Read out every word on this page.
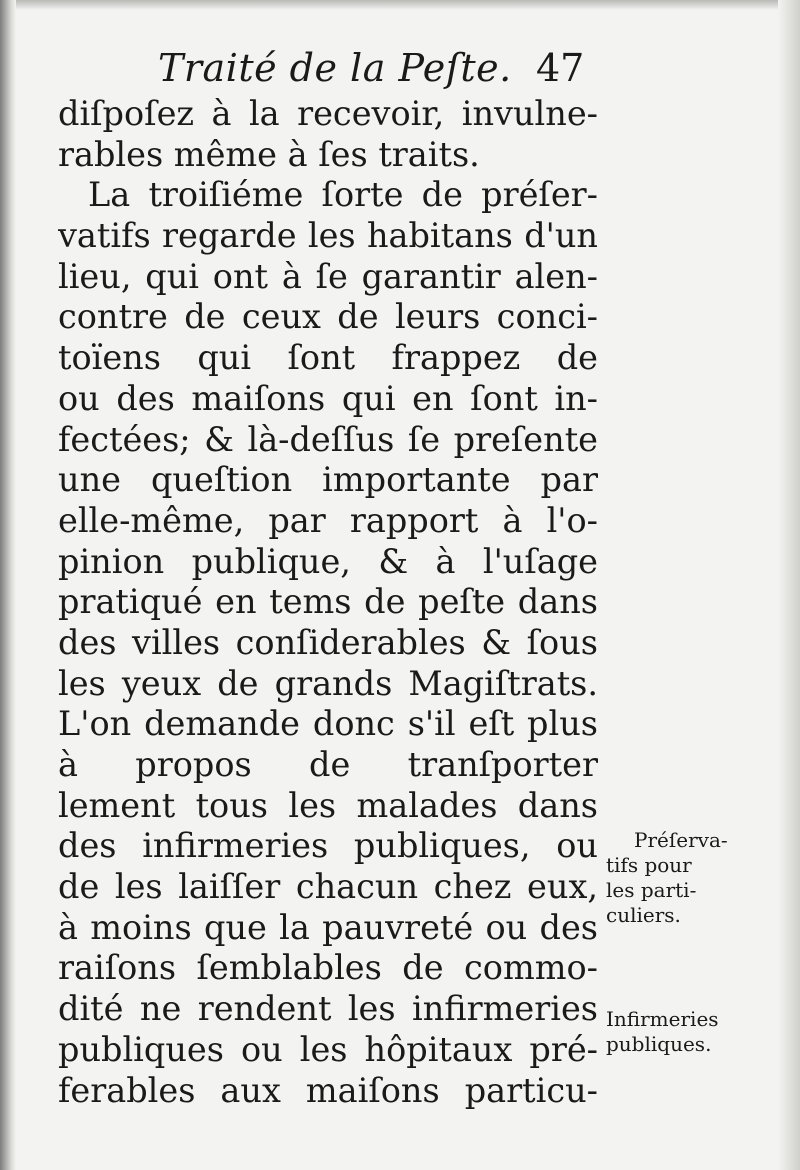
Traité de la Peſte. 47
diſpoſez à la recevoir, invulne-
rables même à ſes traits.
La troiſiéme ſorte de préſer-
vatifs regarde les habitans d'un
lieu, qui ont à ſe garantir alen-
contre de ceux de leurs conci-
toïens qui ſont frappez de
ou des maiſons qui en ſont in-
fectées; & là-deſſus ſe preſente
une queſtion importante par
elle-même, par rapport à l'o-
pinion publique, & à l'uſage
pratiqué en tems de peſte dans
des villes conſiderables & ſous
les yeux de grands Magiſtrats.
L'on demande donc s'il eſt plus
à propos de tranſporter
lement tous les malades dans
des infirmeries publiques, ou
de les laiſſer chacun chez eux,
à moins que la pauvreté ou des
raiſons ſemblables de commo-
dité ne rendent les infirmeries
publiques ou les hôpitaux pré-
ferables aux maiſons particu-
Préſerva-
tifs pour
les parti-
culiers.
Infirmeries
publiques.
